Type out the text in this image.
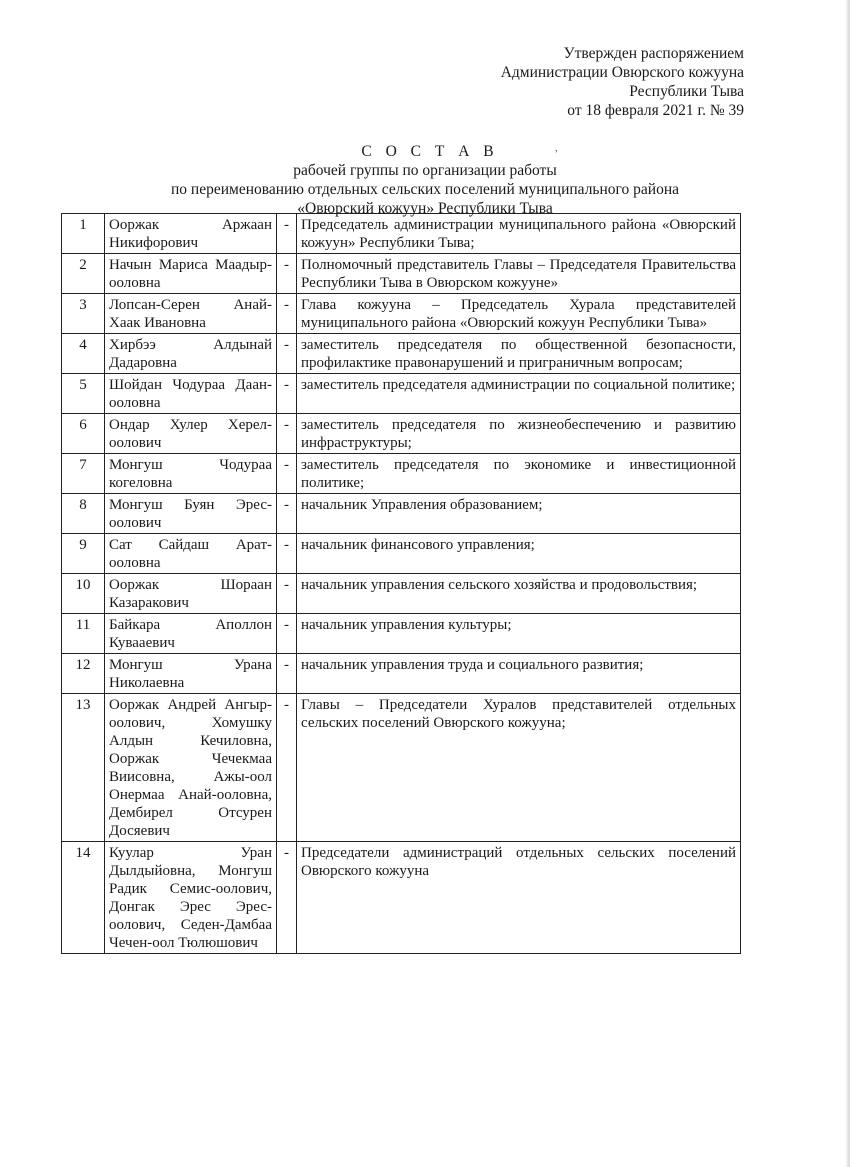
Утвержден распоряжением
Администрации Овюрского кожууна
Республики Тыва
от 18 февраля 2021 г. № 39
,
С О С Т А В
рабочей группы по организации работы
по переименованию отдельных сельских поселений муниципального района
«Овюрский кожуун» Республики Тыва
1	Ооржак Аржаан Никифорович	-	Председатель администрации муниципального района «Овюрский кожуун» Республики Тыва;
2	Начын Мариса Маадыр-ооловна	-	Полномочный представитель Главы – Председателя Правительства Республики Тыва в Овюрском кожууне»
3	Лопсан-Серен Анай-Хаак Ивановна	-	Глава кожууна – Председатель Хурала представителей муниципального района «Овюрский кожуун Республики Тыва»
4	Хирбээ Алдынай Дадаровна	-	заместитель председателя по общественной безопасности, профилактике правонарушений и приграничным вопросам;
5	Шойдан Чодураа Даан-ооловна	-	заместитель председателя администрации по социальной политике;
6	Ондар Хулер Херел-оолович	-	заместитель председателя по жизнеобеспечению и развитию инфраструктуры;
7	Монгуш Чодураа когеловна	-	заместитель председателя по экономике и инвестиционной политике;
8	Монгуш Буян Эрес-оолович	-	начальник Управления образованием;
9	Сат Сайдаш Арат-ооловна	-	начальник финансового управления;
10	Ооржак Шораан Казаракович	-	начальник управления сельского хозяйства и продовольствия;
11	Байкара Аполлон Кувааевич	-	начальник управления культуры;
12	Монгуш Урана Николаевна	-	начальник управления труда и социального развития;
13	Ооржак Андрей Ангыр-оолович, Хомушку Алдын Кечиловна, Ооржак Чечекмаа Виисовна, Ажы-оол Онермаа Анай-ооловна, Дембирел Отсурен Досяевич	-	Главы – Председатели Хуралов представителей отдельных сельских поселений Овюрского кожууна;
14	Куулар Уран Дылдыйовна, Монгуш Радик Семис-оолович, Донгак Эрес Эрес-оолович, Седен-Дамбаа Чечен-оол Тюлюшович	-	Председатели администраций отдельных сельских поселений Овюрского кожууна
